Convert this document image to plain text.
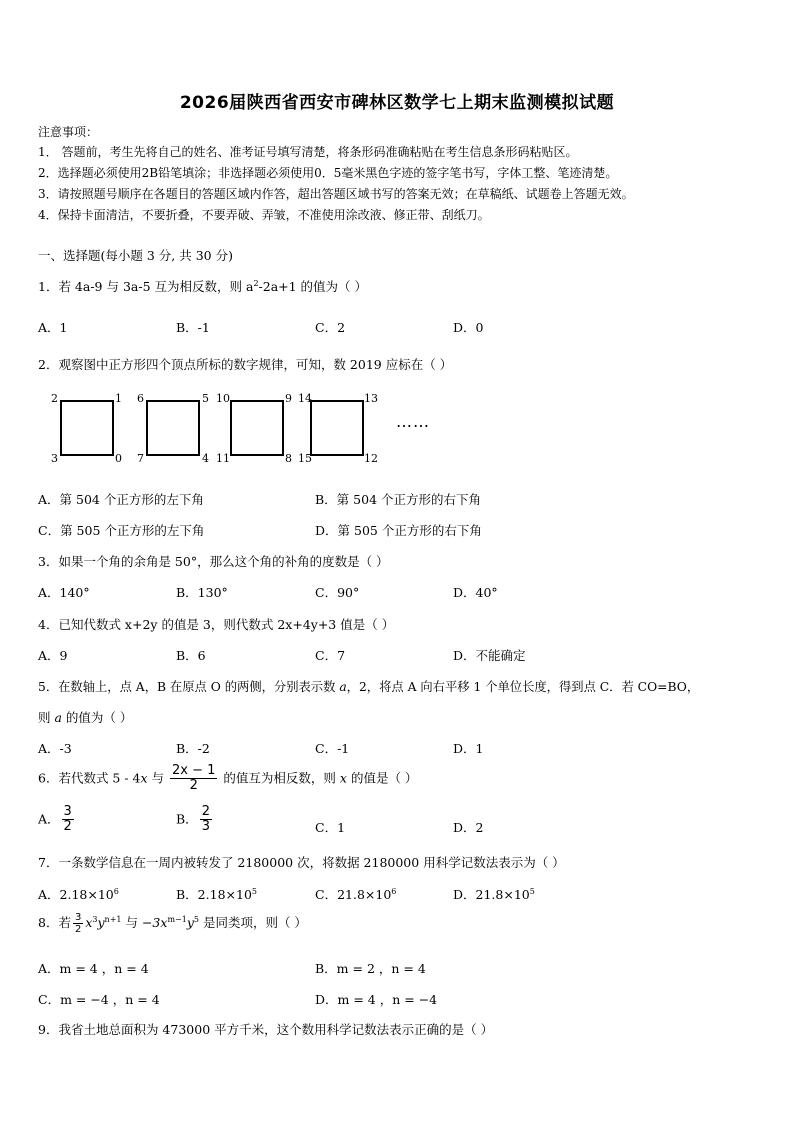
2026届陕西省西安市碑林区数学七上期末监测模拟试题
注意事项：
1． 答题前，考生先将自己的姓名、准考证号填写清楚，将条形码准确粘贴在考生信息条形码粘贴区。
2．选择题必须使用2B铅笔填涂；非选择题必须使用0．5毫米黑色字迹的签字笔书写，字体工整、笔迹清楚。
3．请按照题号顺序在各题目的答题区域内作答，超出答题区域书写的答案无效；在草稿纸、试题卷上答题无效。
4．保持卡面清洁，不要折叠，不要弄破、弄皱，不准使用涂改液、修正带、刮纸刀。
一、选择题(每小题 3 分, 共 30 分)
1．若 4a-9 与 3a-5 互为相反数，则 $a^2-2a+1$ 的值为（ ）
A．1	B．-1	C．2	D．0
2．观察图中正方形四个顶点所标的数字规律，可知，数 2019 应标在（ ）
2	1
3	0
6	5
7	4
10	9
11	8
14	13
15	12
……
A．第 504 个正方形的左下角	B．第 504 个正方形的右下角
C．第 505 个正方形的左下角	D．第 505 个正方形的右下角
3．如果一个角的余角是 50°，那么这个角的补角的度数是（ ）
A．140°	B．130°	C．90°	D．40°
4．已知代数式 x+2y 的值是 3，则代数式 2x+4y+3 值是（ ）
A．9	B．6	C．7	D．不能确定
5．在数轴上，点 A，B 在原点 O 的两侧，分别表示数 a，2，将点 A 向右平移 1 个单位长度，得到点 C．若 CO=BO，
则 a 的值为（ ）
A．-3	B．-2	C．-1	D．1
6．若代数式 5 - 4x 与 $\frac{2x - 1}{2}$ 的值互为相反数，则 x 的值是（ ）
A． $\frac{3}{2}$	B． $\frac{2}{3}$	C．1	D．2
7．一条数学信息在一周内被转发了 2180000 次，将数据 2180000 用科学记数法表示为（ ）
A．$2.18\times 10^6$	B．$2.18\times 10^5$	C．$21.8\times 10^6$	D．$21.8\times 10^5$
8．若 $\frac{3}{2} x^3y^{n+1}$ 与 $-3x^{m-1}y^5$ 是同类项，则（ ）
A．m = 4 ，n = 4	B．m = 2 ，n = 4
C．m = −4 ，n = 4	D．m = 4 ，n = −4
9．我省土地总面积为 473000 平方千米，这个数用科学记数法表示正确的是（ ）
